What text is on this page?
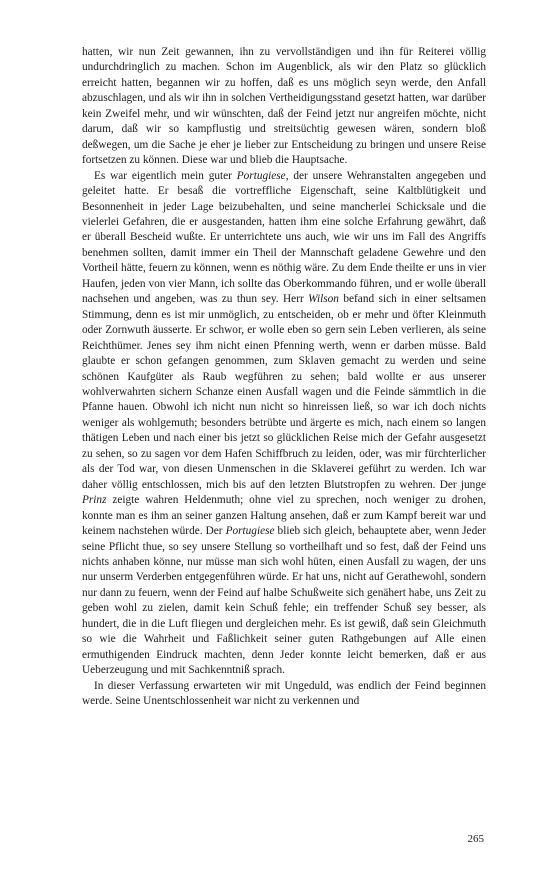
hatten, wir nun Zeit gewannen, ihn zu vervollständigen und ihn für Reiterei völlig undurchdringlich zu machen. Schon im Augenblick, als wir den Platz so glücklich erreicht hatten, begannen wir zu hoffen, daß es uns möglich seyn werde, den Anfall abzuschlagen, und als wir ihn in solchen Vertheidigungsstand gesetzt hatten, war darüber kein Zweifel mehr, und wir wünschten, daß der Feind jetzt nur angreifen möchte, nicht darum, daß wir so kampflustig und streitsüchtig gewesen wären, sondern bloß deßwegen, um die Sache je eher je lieber zur Entscheidung zu bringen und unsere Reise fortsetzen zu können. Diese war und blieb die Hauptsache.

Es war eigentlich mein guter Portugiese, der unsere Wehranstalten angegeben und geleitet hatte. Er besaß die vortreffliche Eigenschaft, seine Kaltblütigkeit und Besonnenheit in jeder Lage beizubehalten, und seine mancherlei Schicksale und die vielerlei Gefahren, die er ausgestanden, hatten ihm eine solche Erfahrung gewährt, daß er überall Bescheid wußte. Er unterrichtete uns auch, wie wir uns im Fall des Angriffs benehmen sollten, damit immer ein Theil der Mannschaft geladene Gewehre und den Vortheil hätte, feuern zu können, wenn es nöthig wäre. Zu dem Ende theilte er uns in vier Haufen, jeden von vier Mann, ich sollte das Oberkommando führen, und er wolle überall nachsehen und angeben, was zu thun sey. Herr Wilson befand sich in einer seltsamen Stimmung, denn es ist mir unmöglich, zu entscheiden, ob er mehr und öfter Kleinmuth oder Zornwuth äusserte. Er schwor, er wolle eben so gern sein Leben verlieren, als seine Reichthümer. Jenes sey ihm nicht einen Pfenning werth, wenn er darben müsse. Bald glaubte er schon gefangen genommen, zum Sklaven gemacht zu werden und seine schönen Kaufgüter als Raub wegführen zu sehen; bald wollte er aus unserer wohlverwahrten sichern Schanze einen Ausfall wagen und die Feinde sämmtlich in die Pfanne hauen. Obwohl ich nicht nun nicht so hinreissen ließ, so war ich doch nichts weniger als wohlgemuth; besonders betrübte und ärgerte es mich, nach einem so langen thätigen Leben und nach einer bis jetzt so glücklichen Reise mich der Gefahr ausgesetzt zu sehen, so zu sagen vor dem Hafen Schiffbruch zu leiden, oder, was mir fürchterlicher als der Tod war, von diesen Unmenschen in die Sklaverei geführt zu werden. Ich war daher völlig entschlossen, mich bis auf den letzten Blutstropfen zu wehren. Der junge Prinz zeigte wahren Heldenmuth; ohne viel zu sprechen, noch weniger zu drohen, konnte man es ihm an seiner ganzen Haltung ansehen, daß er zum Kampf bereit war und keinem nachstehen würde. Der Portugiese blieb sich gleich, behauptete aber, wenn Jeder seine Pflicht thue, so sey unsere Stellung so vortheilhaft und so fest, daß der Feind uns nichts anhaben könne, nur müsse man sich wohl hüten, einen Ausfall zu wagen, der uns nur unserm Verderben entgegenführen würde. Er hat uns, nicht auf Gerathewohl, sondern nur dann zu feuern, wenn der Feind auf halbe Schußweite sich genähert habe, uns Zeit zu geben wohl zu zielen, damit kein Schuß fehle; ein treffender Schuß sey besser, als hundert, die in die Luft fliegen und dergleichen mehr. Es ist gewiß, daß sein Gleichmuth so wie die Wahrheit und Faßlichkeit seiner guten Rathgebungen auf Alle einen ermuthigenden Eindruck machten, denn Jeder konnte leicht bemerken, daß er aus Ueberzeugung und mit Sachkenntniß sprach.

In dieser Verfassung erwarteten wir mit Ungeduld, was endlich der Feind beginnen werde. Seine Unentschlossenheit war nicht zu verkennen und

265
